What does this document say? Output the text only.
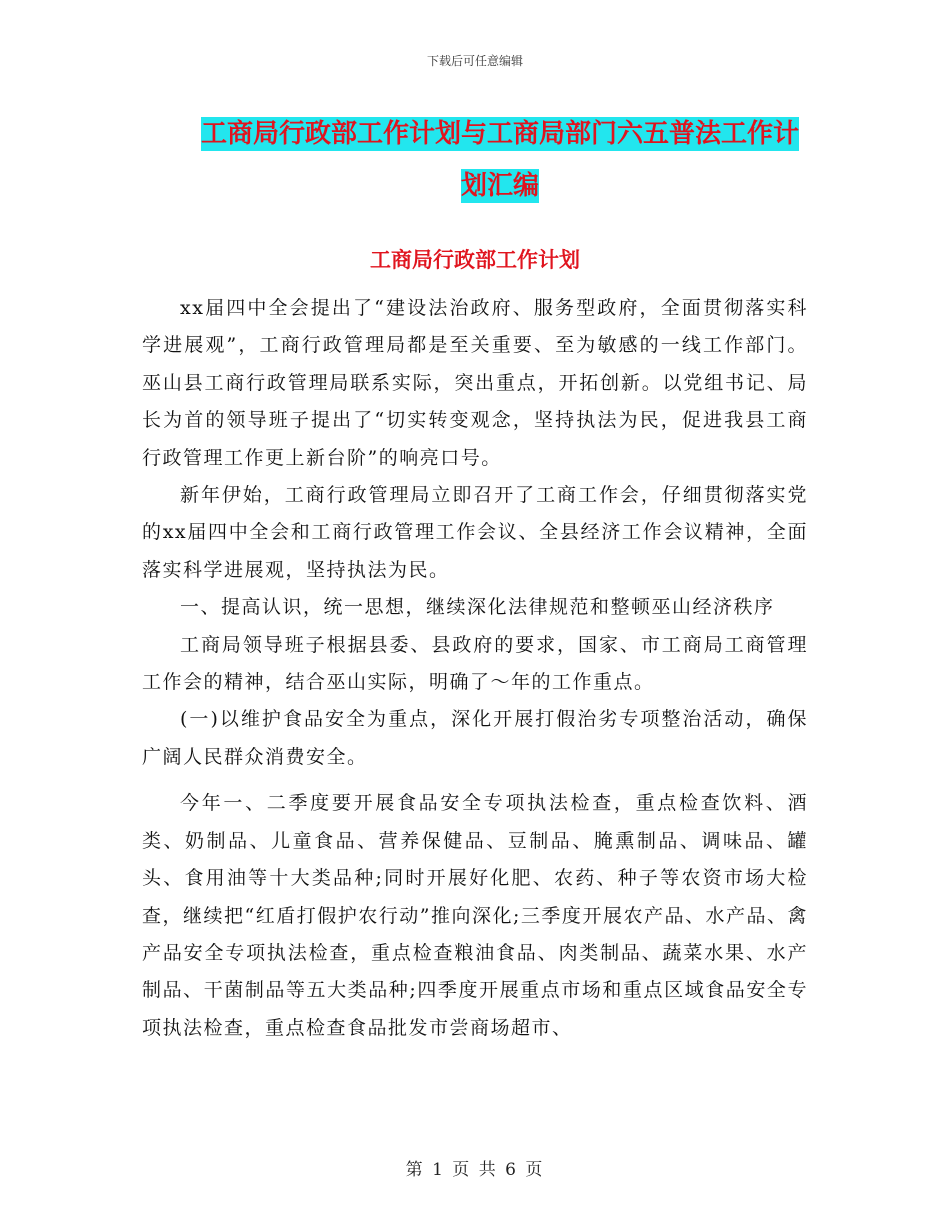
下载后可任意编辑
工商局行政部工作计划与工商局部门六五普法工作计划汇编
工商局行政部工作计划

xx届四中全会提出了“建设法治政府、服务型政府，全面贯彻落实科学进展观”，工商行政管理局都是至关重要、至为敏感的一线工作部门。巫山县工商行政管理局联系实际，突出重点，开拓创新。以党组书记、局长为首的领导班子提出了“切实转变观念，坚持执法为民，促进我县工商行政管理工作更上新台阶”的响亮口号。

新年伊始，工商行政管理局立即召开了工商工作会，仔细贯彻落实党的xx届四中全会和工商行政管理工作会议、全县经济工作会议精神，全面落实科学进展观，坚持执法为民。

一、提高认识，统一思想，继续深化法律规范和整顿巫山经济秩序

工商局领导班子根据县委、县政府的要求，国家、市工商局工商管理工作会的精神，结合巫山实际，明确了～年的工作重点。

(一)以维护食品安全为重点，深化开展打假治劣专项整治活动，确保广阔人民群众消费安全。

今年一、二季度要开展食品安全专项执法检查，重点检查饮料、酒类、奶制品、儿童食品、营养保健品、豆制品、腌熏制品、调味品、罐头、食用油等十大类品种;同时开展好化肥、农药、种子等农资市场大检查，继续把“红盾打假护农行动”推向深化;三季度开展农产品、水产品、禽产品安全专项执法检查，重点检查粮油食品、肉类制品、蔬菜水果、水产制品、干菌制品等五大类品种;四季度开展重点市场和重点区域食品安全专项执法检查，重点检查食品批发市尝商场超市、

第 1 页 共 6 页
